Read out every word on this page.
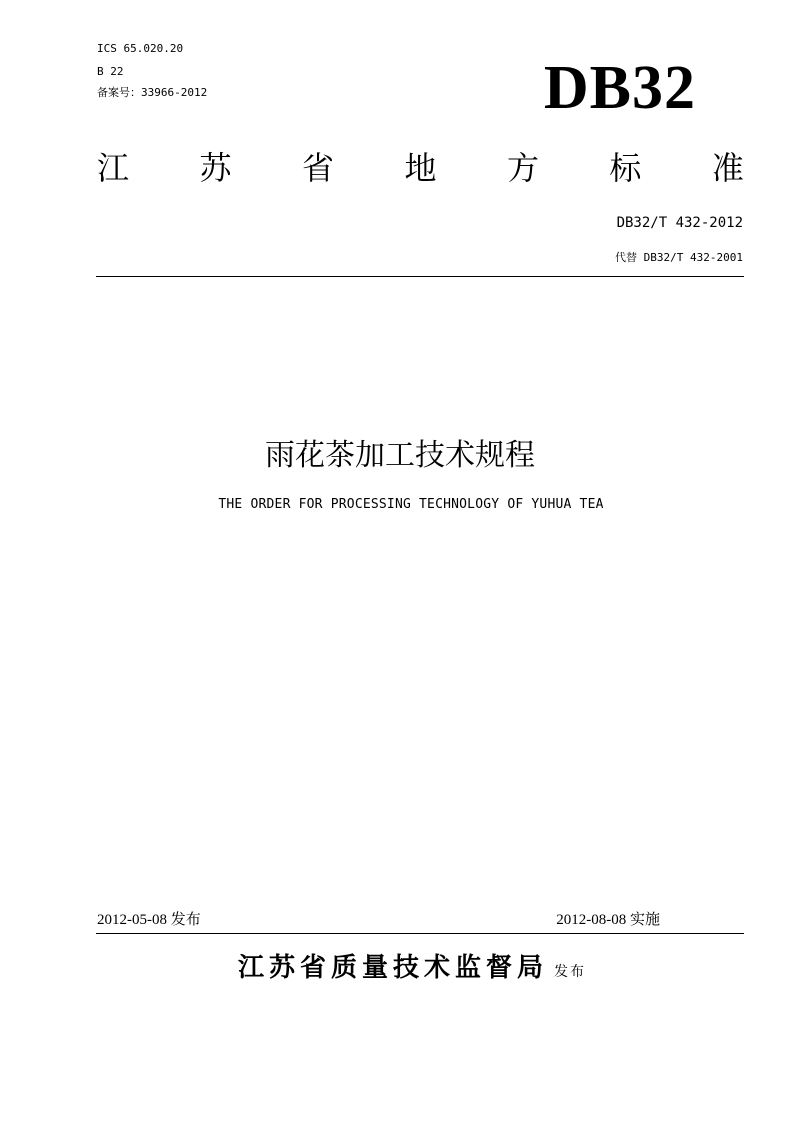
ICS 65.020.20
B 22
备案号：33966-2012	DB32
江 苏 省 地 方 标 准
DB32/T 432-2012
代替 DB32/T 432-2001
雨花茶加工技术规程
THE ORDER FOR PROCESSING TECHNOLOGY OF YUHUA TEA
2012-05-08 发布	2012-08-08 实施
江苏省质量技术监督局 发布
